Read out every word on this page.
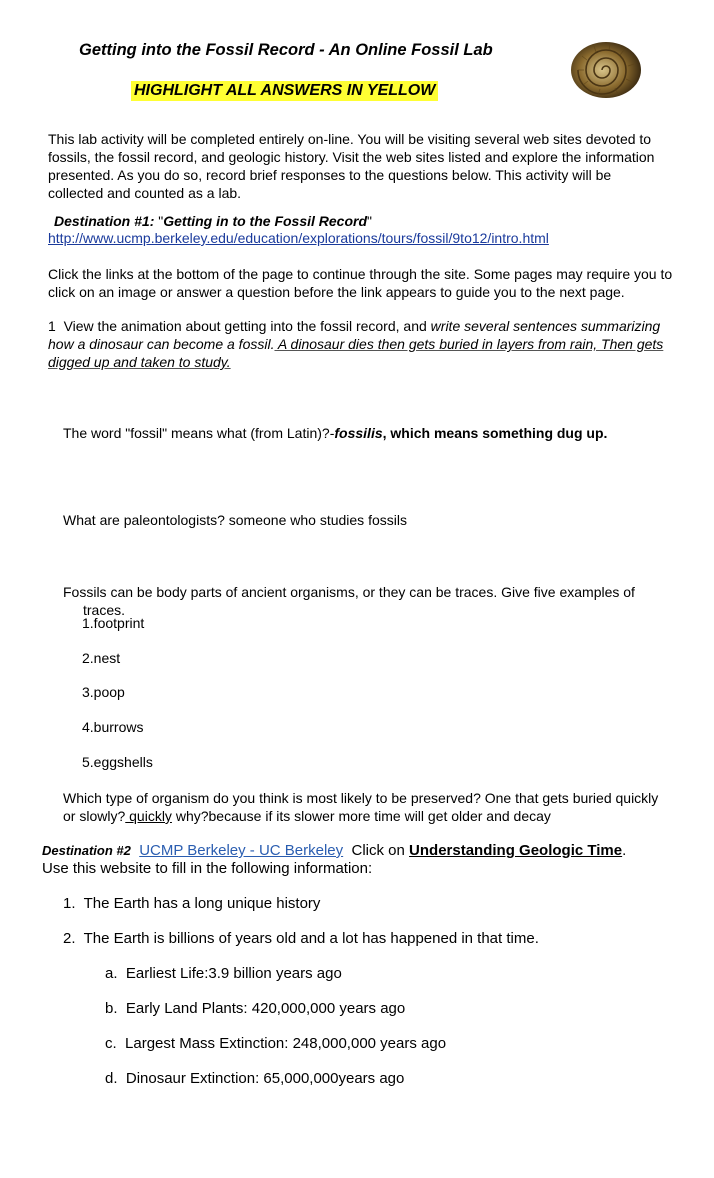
Getting into the Fossil Record - An Online Fossil Lab
HIGHLIGHT ALL ANSWERS IN YELLOW
This lab activity will be completed entirely on-line. You will be visiting several web sites devoted to fossils, the fossil record, and geologic history. Visit the web sites listed and explore the information presented. As you do so, record brief responses to the questions below. This activity will be collected and counted as a lab.
Destination #1: "Getting in to the Fossil Record"
http://www.ucmp.berkeley.edu/education/explorations/tours/fossil/9to12/intro.html
Click the links at the bottom of the page to continue through the site. Some pages may require you to click on an image or answer a question before the link appears to guide you to the next page.
1 View the animation about getting into the fossil record, and write several sentences summarizing how a dinosaur can become a fossil. A dinosaur dies then gets buried in layers from rain, Then gets digged up and taken to study.
The word "fossil" means what (from Latin)?-fossilis, which means something dug up.
What are paleontologists? someone who studies fossils
Fossils can be body parts of ancient organisms, or they can be traces. Give five examples of
traces.
1.footprint
2.nest
3.poop
4.burrows
5.eggshells
Which type of organism do you think is most likely to be preserved? One that gets buried quickly or slowly? quickly why?because if its slower more time will get older and decay
Destination #2 UCMP Berkeley - UC Berkeley Click on Understanding Geologic Time.
Use this website to fill in the following information:
1. The Earth has a long unique history
2. The Earth is billions of years old and a lot has happened in that time.
a. Earliest Life:3.9 billion years ago
b. Early Land Plants: 420,000,000 years ago
c. Largest Mass Extinction: 248,000,000 years ago
d. Dinosaur Extinction: 65,000,000years ago
